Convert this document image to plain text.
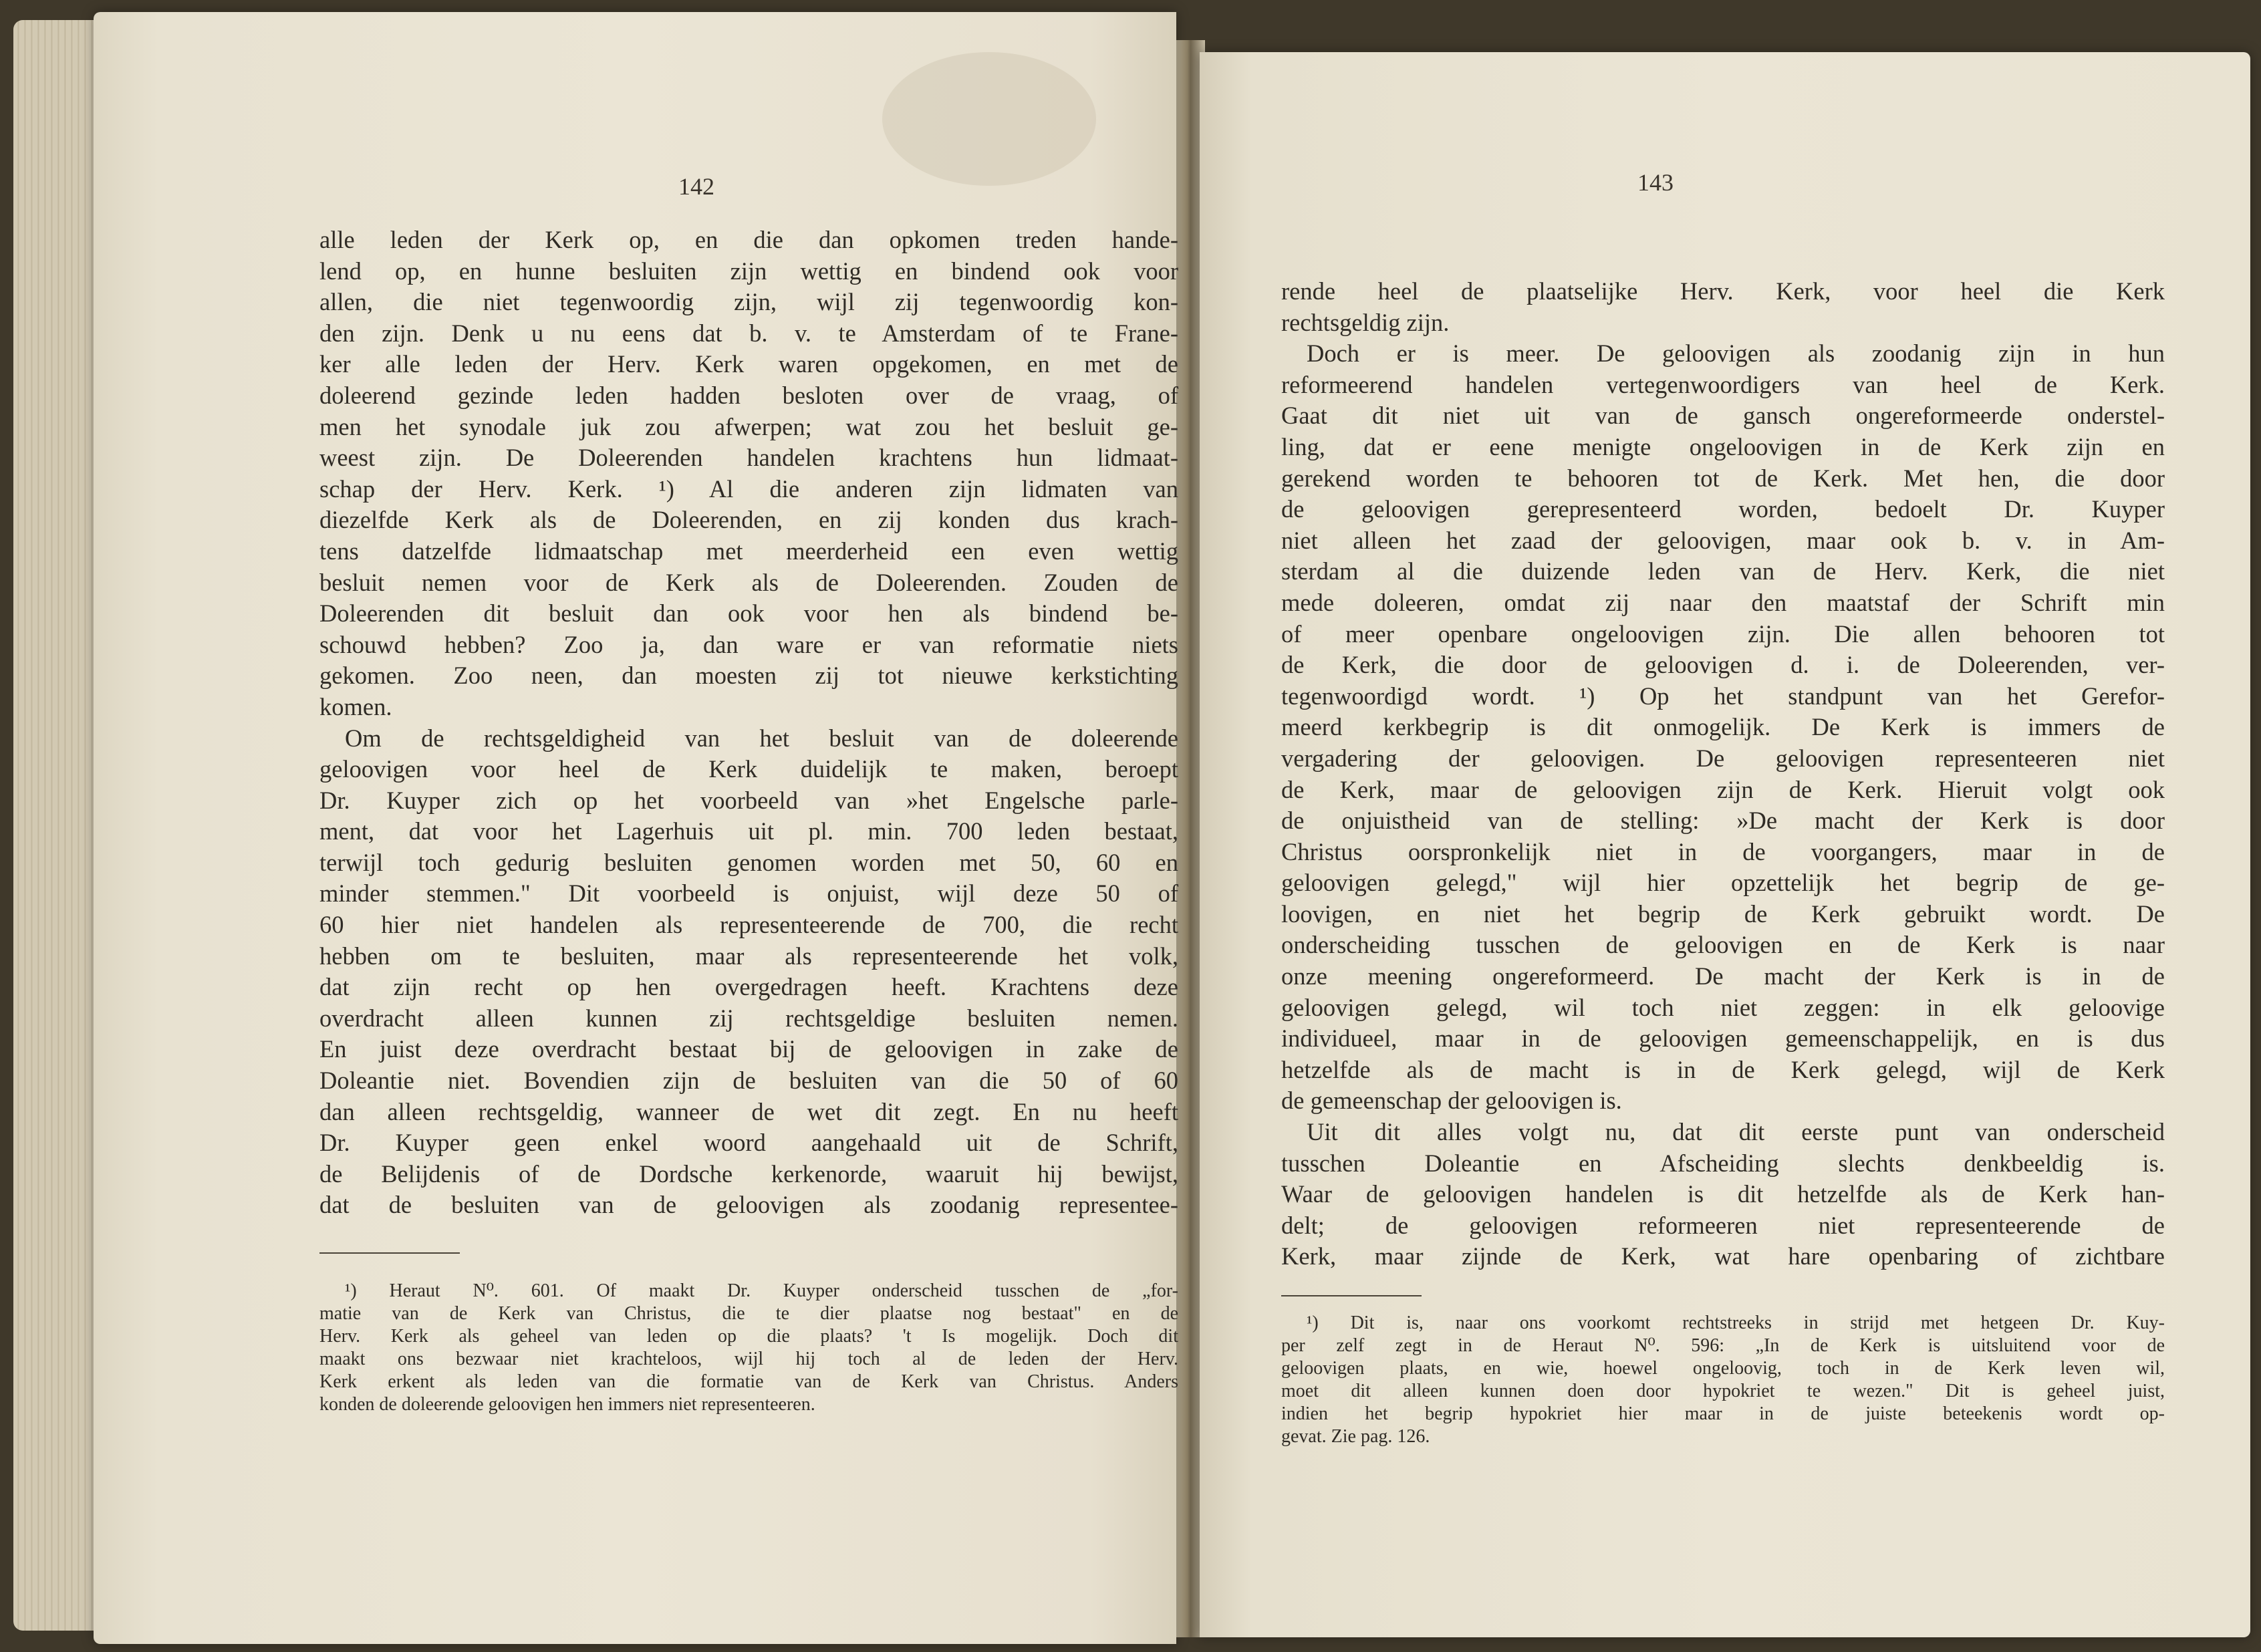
142
alle leden der Kerk op, en die dan opkomen treden hande-
lend op, en hunne besluiten zijn wettig en bindend ook voor
allen, die niet tegenwoordig zijn, wijl zij tegenwoordig kon-
den zijn. Denk u nu eens dat b. v. te Amsterdam of te Frane-
ker alle leden der Herv. Kerk waren opgekomen, en met de
doleerend gezinde leden hadden besloten over de vraag, of
men het synodale juk zou afwerpen; wat zou het besluit ge-
weest zijn. De Doleerenden handelen krachtens hun lidmaat-
schap der Herv. Kerk. ¹) Al die anderen zijn lidmaten van
diezelfde Kerk als de Doleerenden, en zij konden dus krach-
tens datzelfde lidmaatschap met meerderheid een even wettig
besluit nemen voor de Kerk als de Doleerenden. Zouden de
Doleerenden dit besluit dan ook voor hen als bindend be-
schouwd hebben? Zoo ja, dan ware er van reformatie niets
gekomen. Zoo neen, dan moesten zij tot nieuwe kerkstichting
komen.
Om de rechtsgeldigheid van het besluit van de doleerende
geloovigen voor heel de Kerk duidelijk te maken, beroept
Dr. Kuyper zich op het voorbeeld van »het Engelsche parle-
ment, dat voor het Lagerhuis uit pl. min. 700 leden bestaat,
terwijl toch gedurig besluiten genomen worden met 50, 60 en
minder stemmen." Dit voorbeeld is onjuist, wijl deze 50 of
60 hier niet handelen als representeerende de 700, die recht
hebben om te besluiten, maar als representeerende het volk,
dat zijn recht op hen overgedragen heeft. Krachtens deze
overdracht alleen kunnen zij rechtsgeldige besluiten nemen.
En juist deze overdracht bestaat bij de geloovigen in zake de
Doleantie niet. Bovendien zijn de besluiten van die 50 of 60
dan alleen rechtsgeldig, wanneer de wet dit zegt. En nu heeft
Dr. Kuyper geen enkel woord aangehaald uit de Schrift,
de Belijdenis of de Dordsche kerkenorde, waaruit hij bewijst,
dat de besluiten van de geloovigen als zoodanig representee-
¹) Heraut N⁰. 601. Of maakt Dr. Kuyper onderscheid tusschen de „for-
matie van de Kerk van Christus, die te dier plaatse nog bestaat" en de
Herv. Kerk als geheel van leden op die plaats? 't Is mogelijk. Doch dit
maakt ons bezwaar niet krachteloos, wijl hij toch al de leden der Herv.
Kerk erkent als leden van die formatie van de Kerk van Christus. Anders
konden de doleerende geloovigen hen immers niet representeeren.
143
rende heel de plaatselijke Herv. Kerk, voor heel die Kerk
rechtsgeldig zijn.
Doch er is meer. De geloovigen als zoodanig zijn in hun
reformeerend handelen vertegenwoordigers van heel de Kerk.
Gaat dit niet uit van de gansch ongereformeerde onderstel-
ling, dat er eene menigte ongeloovigen in de Kerk zijn en
gerekend worden te behooren tot de Kerk. Met hen, die door
de geloovigen gerepresenteerd worden, bedoelt Dr. Kuyper
niet alleen het zaad der geloovigen, maar ook b. v. in Am-
sterdam al die duizende leden van de Herv. Kerk, die niet
mede doleeren, omdat zij naar den maatstaf der Schrift min
of meer openbare ongeloovigen zijn. Die allen behooren tot
de Kerk, die door de geloovigen d. i. de Doleerenden, ver-
tegenwoordigd wordt. ¹) Op het standpunt van het Gerefor-
meerd kerkbegrip is dit onmogelijk. De Kerk is immers de
vergadering der geloovigen. De geloovigen representeeren niet
de Kerk, maar de geloovigen zijn de Kerk. Hieruit volgt ook
de onjuistheid van de stelling: »De macht der Kerk is door
Christus oorspronkelijk niet in de voorgangers, maar in de
geloovigen gelegd," wijl hier opzettelijk het begrip de ge-
loovigen, en niet het begrip de Kerk gebruikt wordt. De
onderscheiding tusschen de geloovigen en de Kerk is naar
onze meening ongereformeerd. De macht der Kerk is in de
geloovigen gelegd, wil toch niet zeggen: in elk geloovige
individueel, maar in de geloovigen gemeenschappelijk, en is dus
hetzelfde als de macht is in de Kerk gelegd, wijl de Kerk
de gemeenschap der geloovigen is.
Uit dit alles volgt nu, dat dit eerste punt van onderscheid
tusschen Doleantie en Afscheiding slechts denkbeeldig is.
Waar de geloovigen handelen is dit hetzelfde als de Kerk han-
delt; de geloovigen reformeeren niet representeerende de
Kerk, maar zijnde de Kerk, wat hare openbaring of zichtbare
¹) Dit is, naar ons voorkomt rechtstreeks in strijd met hetgeen Dr. Kuy-
per zelf zegt in de Heraut N⁰. 596: „In de Kerk is uitsluitend voor de
geloovigen plaats, en wie, hoewel ongeloovig, toch in de Kerk leven wil,
moet dit alleen kunnen doen door hypokriet te wezen." Dit is geheel juist,
indien het begrip hypokriet hier maar in de juiste beteekenis wordt op-
gevat. Zie pag. 126.
